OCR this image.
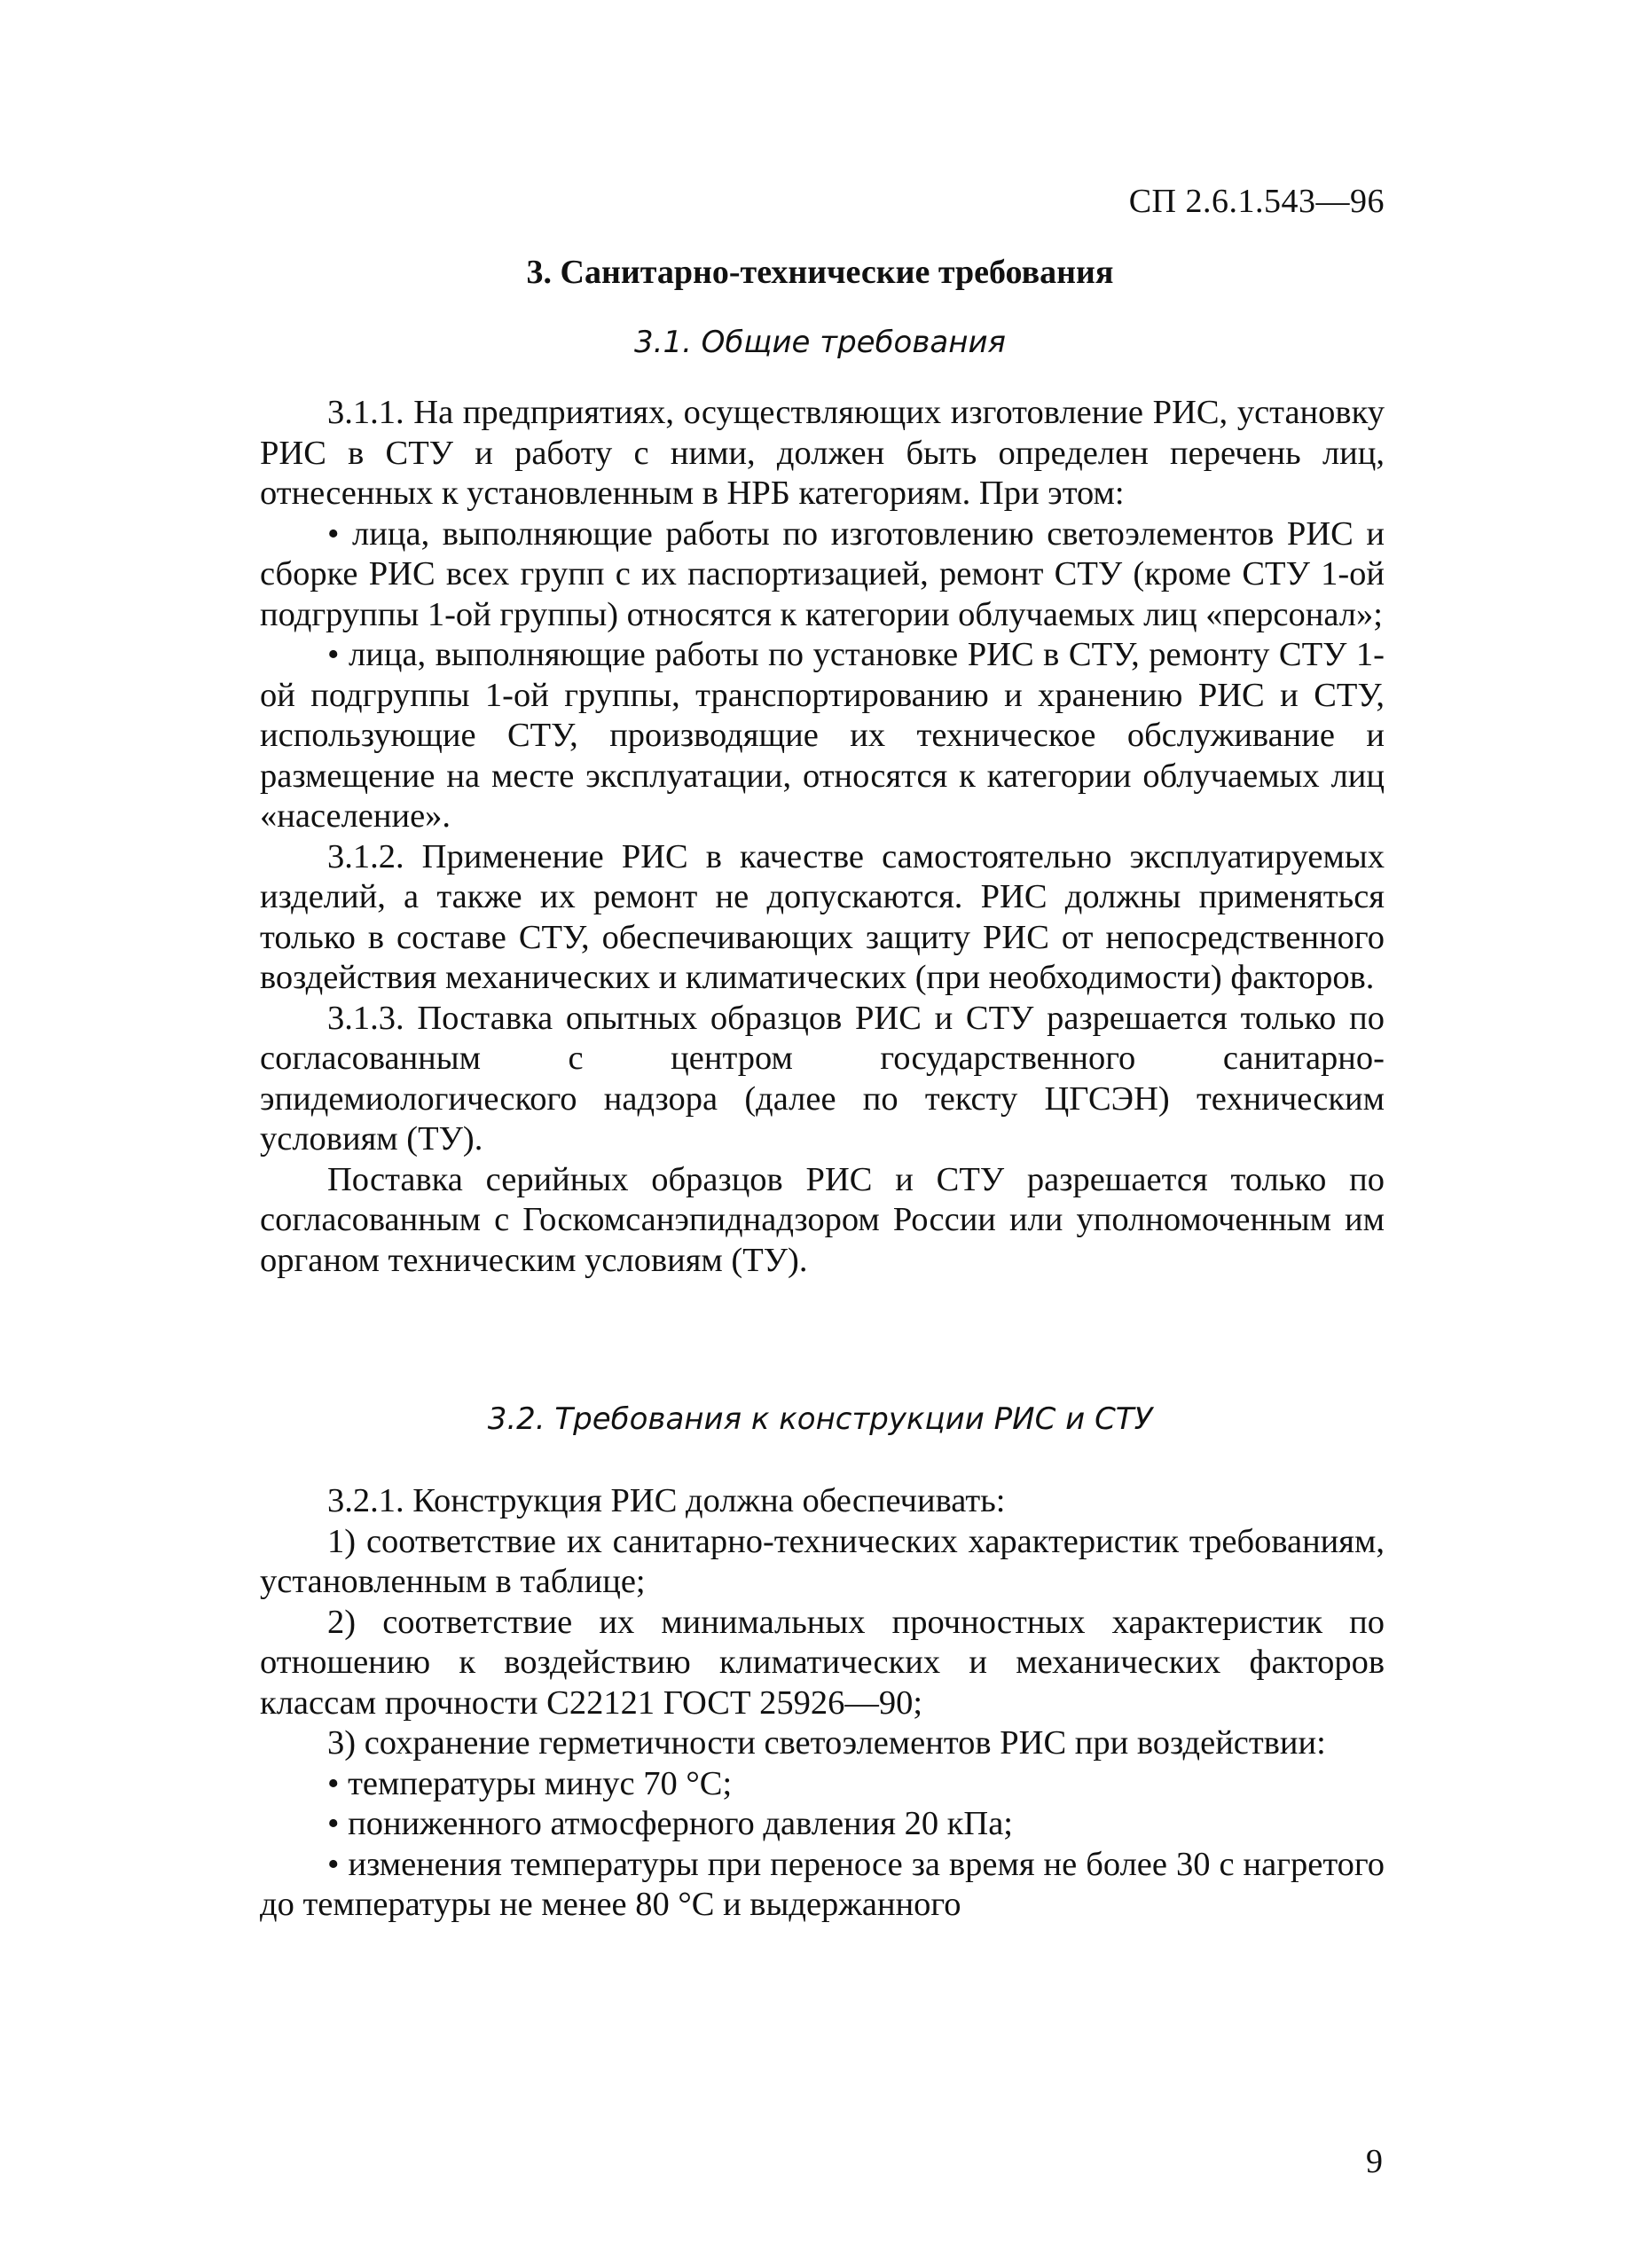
СП 2.6.1.543—96
3. Санитарно-технические требования
3.1. Общие требования

3.1.1. На предприятиях, осуществляющих изготовление РИС, установку РИС в СТУ и работу с ними, должен быть определен перечень лиц, отнесенных к установленным в НРБ категориям. При этом:

• лица, выполняющие работы по изготовлению светоэлементов РИС и сборке РИС всех групп с их паспортизацией, ремонт СТУ (кроме СТУ 1-ой подгруппы 1-ой группы) относятся к категории облучаемых лиц «персонал»;

• лица, выполняющие работы по установке РИС в СТУ, ремонту СТУ 1-ой подгруппы 1-ой группы, транспортированию и хранению РИС и СТУ, использующие СТУ, производящие их техническое обслуживание и размещение на месте эксплуатации, относятся к категории облучаемых лиц «население».

3.1.2. Применение РИС в качестве самостоятельно эксплуатируемых изделий, а также их ремонт не допускаются. РИС должны применяться только в составе СТУ, обеспечивающих защиту РИС от непосредственного воздействия механических и климатических (при необходимости) факторов.

3.1.3. Поставка опытных образцов РИС и СТУ разрешается только по согласованным с центром государственного санитарно-эпидемиологического надзора (далее по тексту ЦГСЭН) техническим условиям (ТУ).

Поставка серийных образцов РИС и СТУ разрешается только по согласованным с Госкомсанэпиднадзором России или уполномоченным им органом техническим условиям (ТУ).

3.2. Требования к конструкции РИС и СТУ

3.2.1. Конструкция РИС должна обеспечивать:

1) соответствие их санитарно-технических характеристик требованиям, установленным в таблице;

2) соответствие их минимальных прочностных характеристик по отношению к воздействию климатических и механических факторов классам прочности С22121 ГОСТ 25926—90;

3) сохранение герметичности светоэлементов РИС при воздействии:

• температуры минус 70 °С;

• пониженного атмосферного давления 20 кПа;

• изменения температуры при переносе за время не более 30 с нагретого до температуры не менее 80 °С и выдержанного

9
